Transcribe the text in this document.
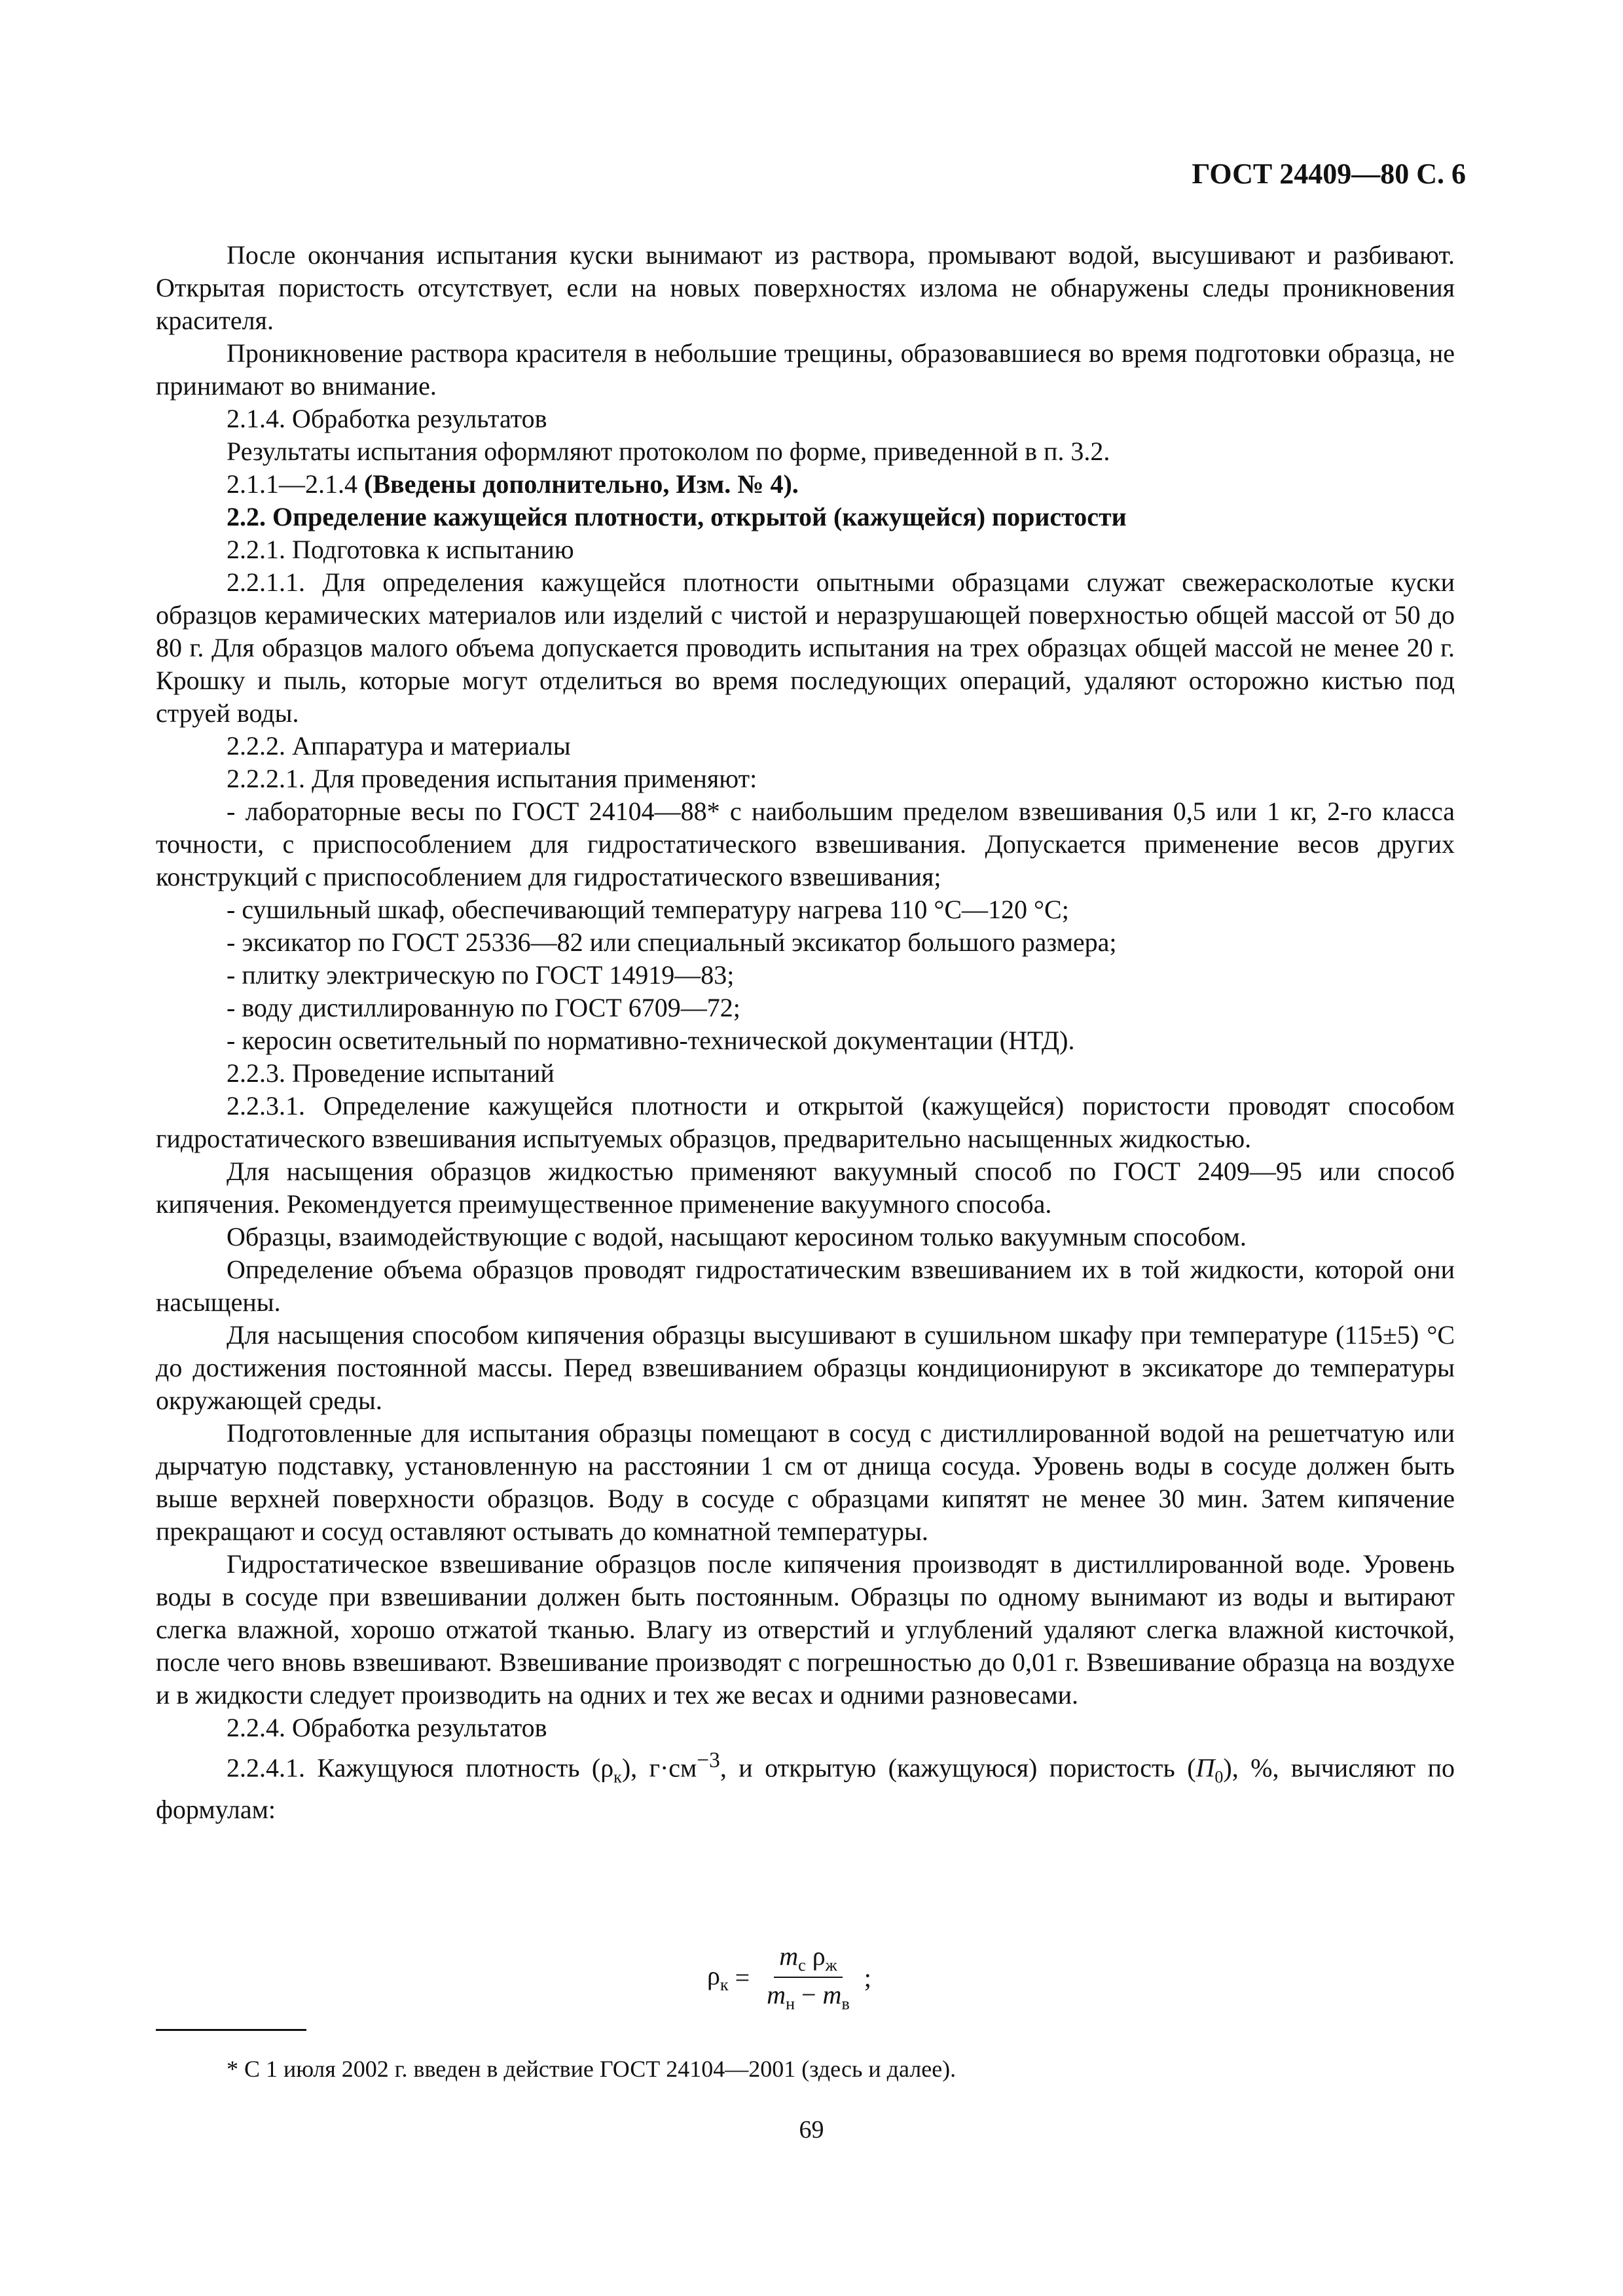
ГОСТ 24409—80 С. 6

После окончания испытания куски вынимают из раствора, промывают водой, высушивают и разбивают. Открытая пористость отсутствует, если на новых поверхностях излома не обнаружены следы проникновения красителя.

Проникновение раствора красителя в небольшие трещины, образовавшиеся во время подготовки образца, не принимают во внимание.

2.1.4. Обработка результатов

Результаты испытания оформляют протоколом по форме, приведенной в п. 3.2.

2.1.1—2.1.4 (Введены дополнительно, Изм. № 4).

2.2. Определение кажущейся плотности, открытой (кажущейся) пористости

2.2.1. Подготовка к испытанию

2.2.1.1. Для определения кажущейся плотности опытными образцами служат свежерасколотые куски образцов керамических материалов или изделий с чистой и неразрушающей поверхностью общей массой от 50 до 80 г. Для образцов малого объема допускается проводить испытания на трех образцах общей массой не менее 20 г. Крошку и пыль, которые могут отделиться во время последующих операций, удаляют осторожно кистью под струей воды.

2.2.2. Аппаратура и материалы

2.2.2.1. Для проведения испытания применяют:

- лабораторные весы по ГОСТ 24104—88* с наибольшим пределом взвешивания 0,5 или 1 кг, 2-го класса точности, с приспособлением для гидростатического взвешивания. Допускается применение весов других конструкций с приспособлением для гидростатического взвешивания;

- сушильный шкаф, обеспечивающий температуру нагрева 110 °С—120 °С;

- эксикатор по ГОСТ 25336—82 или специальный эксикатор большого размера;

- плитку электрическую по ГОСТ 14919—83;

- воду дистиллированную по ГОСТ 6709—72;

- керосин осветительный по нормативно-технической документации (НТД).

2.2.3. Проведение испытаний

2.2.3.1. Определение кажущейся плотности и открытой (кажущейся) пористости проводят способом гидростатического взвешивания испытуемых образцов, предварительно насыщенных жидкостью.

Для насыщения образцов жидкостью применяют вакуумный способ по ГОСТ 2409—95 или способ кипячения. Рекомендуется преимущественное применение вакуумного способа.

Образцы, взаимодействующие с водой, насыщают керосином только вакуумным способом.

Определение объема образцов проводят гидростатическим взвешиванием их в той жидкости, которой они насыщены.

Для насыщения способом кипячения образцы высушивают в сушильном шкафу при температуре (115±5) °С до достижения постоянной массы. Перед взвешиванием образцы кондиционируют в эксикаторе до температуры окружающей среды.

Подготовленные для испытания образцы помещают в сосуд с дистиллированной водой на решетчатую или дырчатую подставку, установленную на расстоянии 1 см от днища сосуда. Уровень воды в сосуде должен быть выше верхней поверхности образцов. Воду в сосуде с образцами кипятят не менее 30 мин. Затем кипячение прекращают и сосуд оставляют остывать до комнатной температуры.

Гидростатическое взвешивание образцов после кипячения производят в дистиллированной воде. Уровень воды в сосуде при взвешивании должен быть постоянным. Образцы по одному вынимают из воды и вытирают слегка влажной, хорошо отжатой тканью. Влагу из отверстий и углублений удаляют слегка влажной кисточкой, после чего вновь взвешивают. Взвешивание производят с погрешностью до 0,01 г. Взвешивание образца на воздухе и в жидкости следует производить на одних и тех же весах и одними разновесами.

2.2.4. Обработка результатов

2.2.4.1. Кажущуюся плотность $(\rho_к)$, $г\cdot см^{-3}$, и открытую (кажущуюся) пористость $(П_0)$, %, вычисляют по формулам:

$\rho_к = \frac{m_с \rho_ж}{m_н - m_в}$ ;
* С 1 июля 2002 г. введен в действие ГОСТ 24104—2001 (здесь и далее).
69
